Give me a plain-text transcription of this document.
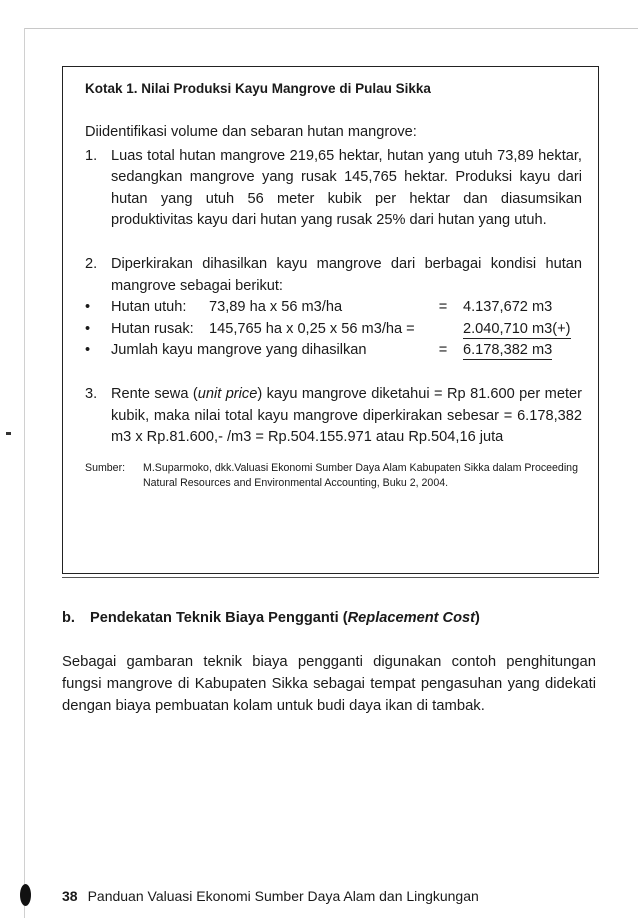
Kotak 1. Nilai Produksi Kayu Mangrove di Pulau Sikka
Diidentifikasi volume dan sebaran hutan mangrove:
1. Luas total hutan mangrove 219,65 hektar, hutan yang utuh 73,89 hektar, sedangkan mangrove yang rusak 145,765 hektar. Produksi kayu dari hutan yang utuh 56 meter kubik per hektar dan diasumsikan produktivitas kayu dari hutan yang rusak 25% dari hutan yang utuh.
2. Diperkirakan dihasilkan kayu mangrove dari berbagai kondisi hutan mangrove sebagai berikut:
•	Hutan utuh:	73,89 ha x 56 m3/ha	=	4.137,672 m3
•	Hutan rusak:	145,765 ha x 0,25 x 56 m3/ha =	2.040,710 m3(+)
•	Jumlah kayu mangrove yang dihasilkan	=	6.178,382 m3
3. Rente sewa (unit price) kayu mangrove diketahui = Rp 81.600 per meter kubik, maka nilai total kayu mangrove diperkirakan sebesar = 6.178,382 m3 x Rp.81.600,- /m3 = Rp.504.155.971 atau Rp.504,16 juta
Sumber:	M.Suparmoko, dkk.Valuasi Ekonomi Sumber Daya Alam Kabupaten Sikka dalam Proceeding Natural Resources and Environmental Accounting, Buku 2, 2004.
b.	Pendekatan Teknik Biaya Pengganti (Replacement Cost)
Sebagai gambaran teknik biaya pengganti digunakan contoh penghitungan fungsi mangrove di Kabupaten Sikka sebagai tempat pengasuhan yang didekati dengan biaya pembuatan kolam untuk budi daya ikan di tambak.
38 Panduan Valuasi Ekonomi Sumber Daya Alam dan Lingkungan
